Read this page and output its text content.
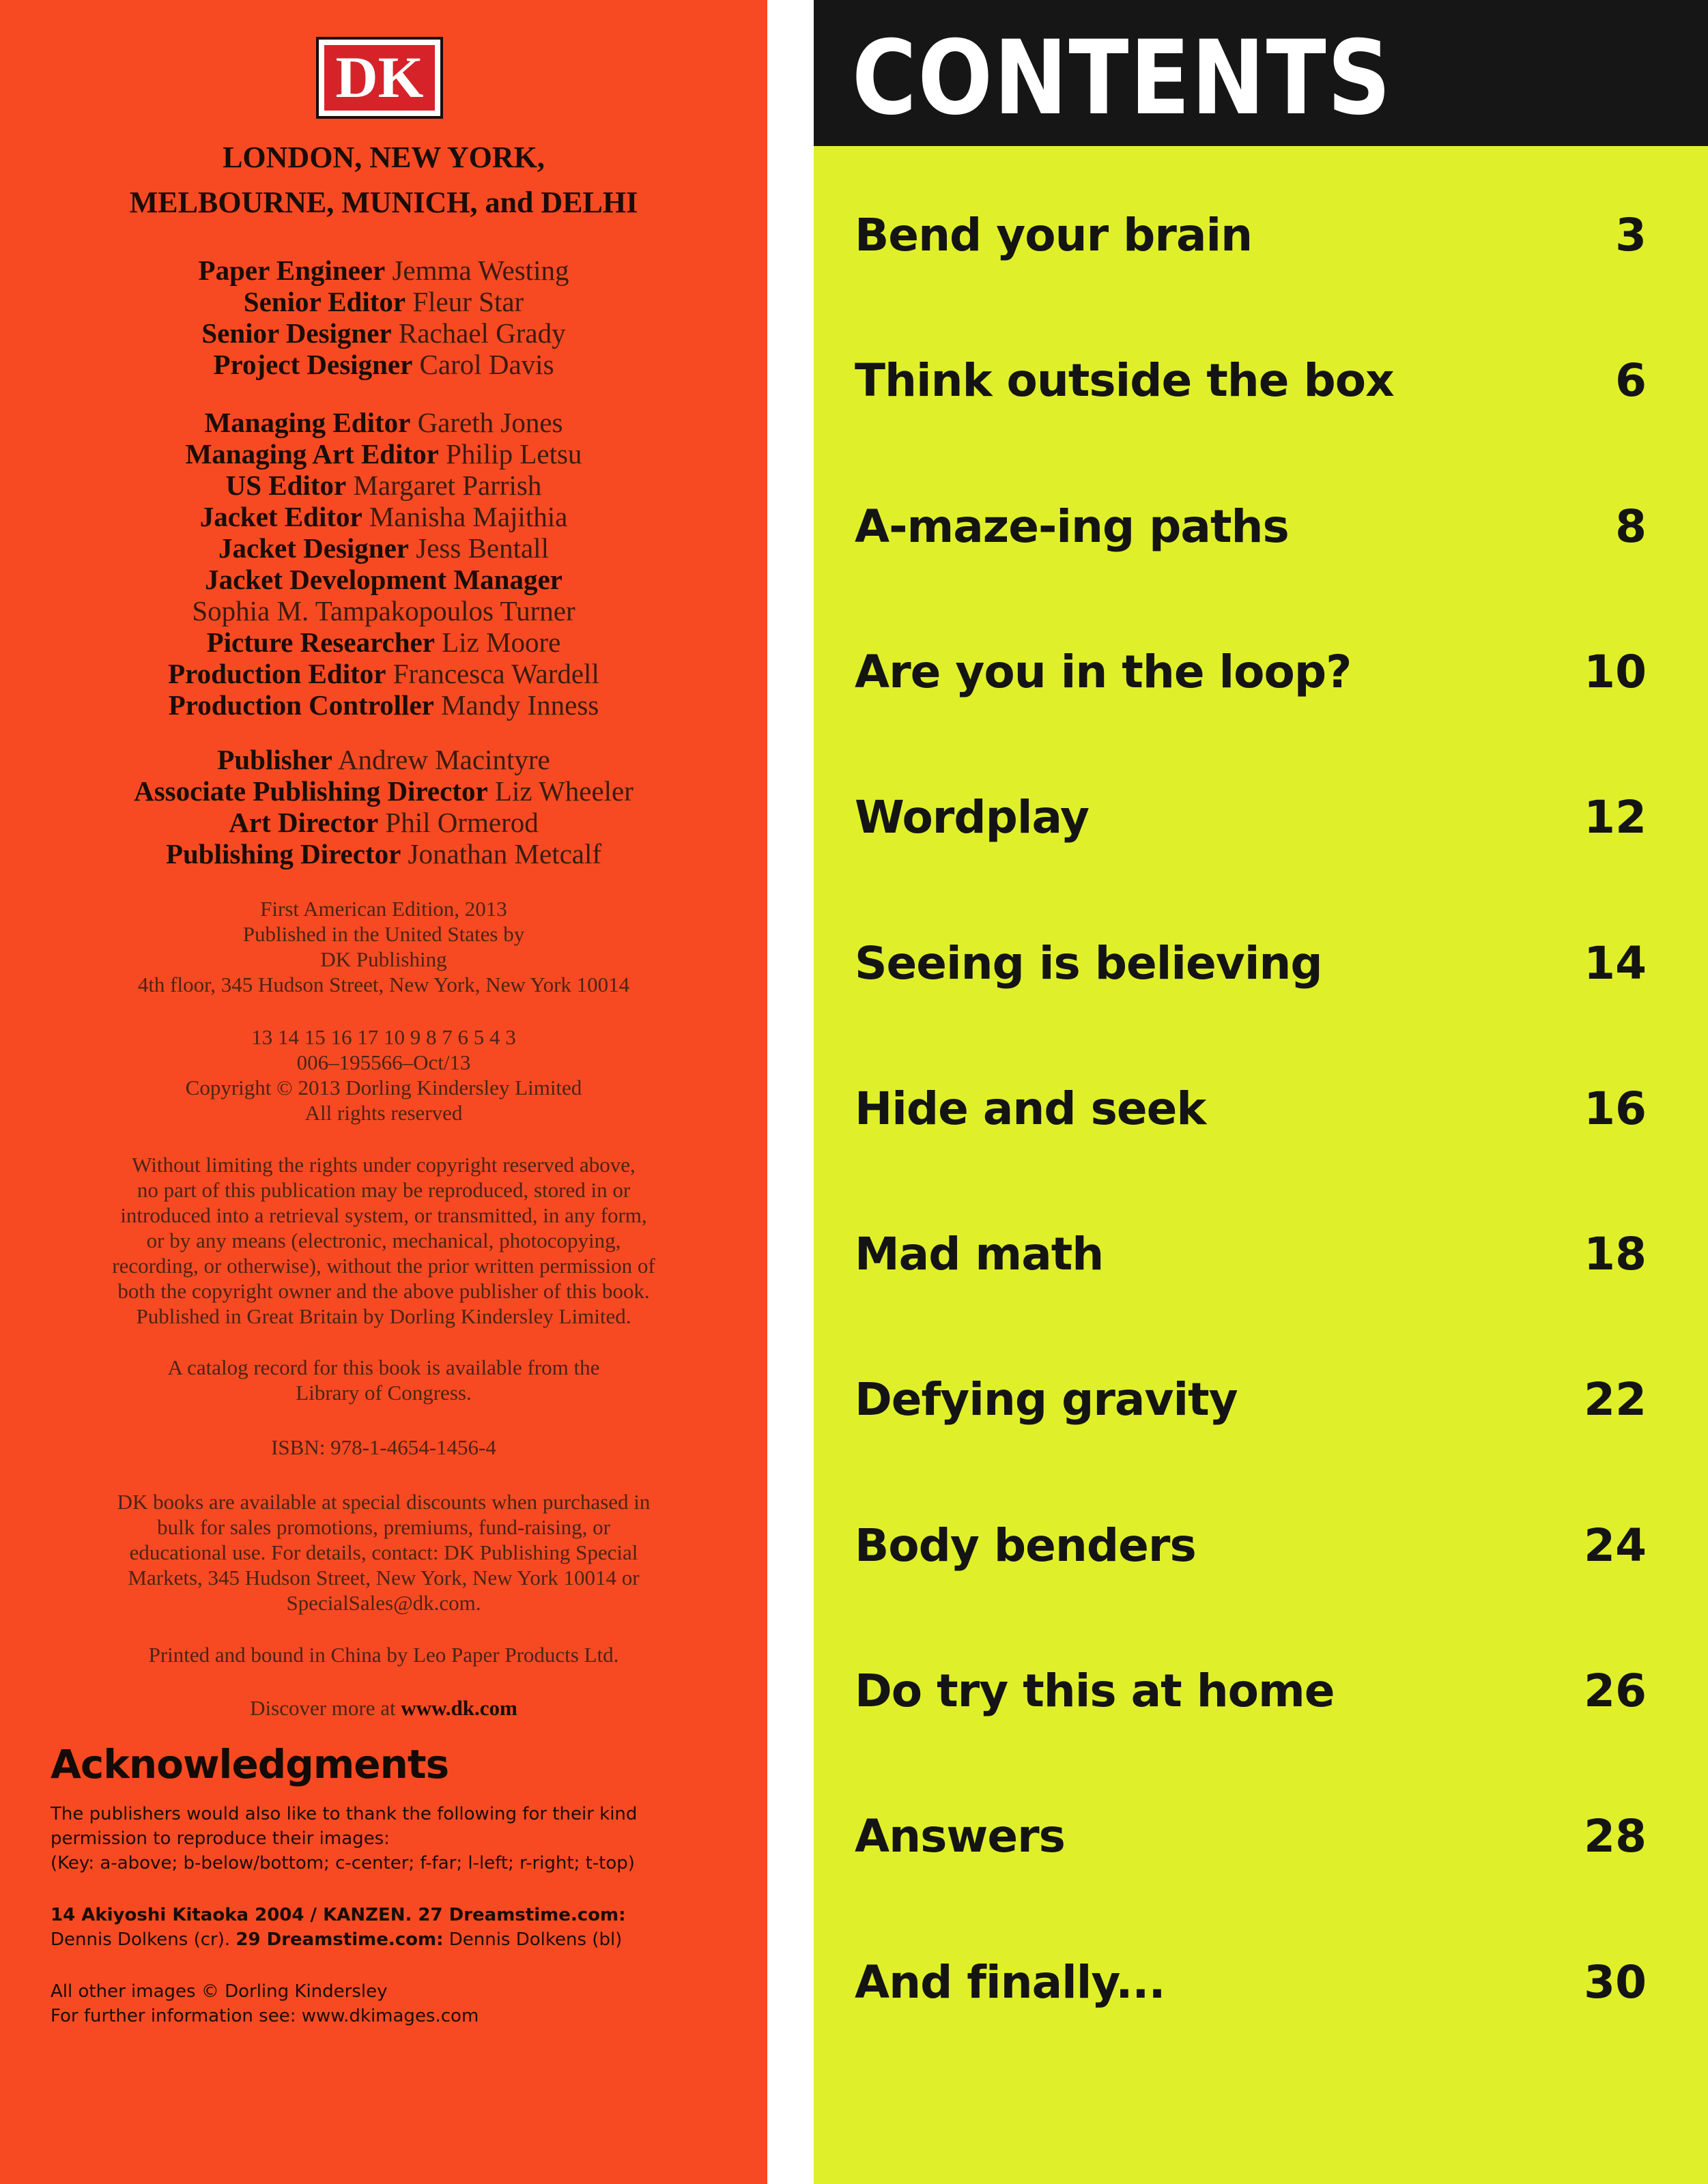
DK
LONDON, NEW YORK,
MELBOURNE, MUNICH, and DELHI
Paper Engineer Jemma Westing
Senior Editor Fleur Star
Senior Designer Rachael Grady
Project Designer Carol Davis
Managing Editor Gareth Jones
Managing Art Editor Philip Letsu
US Editor Margaret Parrish
Jacket Editor Manisha Majithia
Jacket Designer Jess Bentall
Jacket Development Manager
Sophia M. Tampakopoulos Turner
Picture Researcher Liz Moore
Production Editor Francesca Wardell
Production Controller Mandy Inness
Publisher Andrew Macintyre
Associate Publishing Director Liz Wheeler
Art Director Phil Ormerod
Publishing Director Jonathan Metcalf
First American Edition, 2013
Published in the United States by
DK Publishing
4th floor, 345 Hudson Street, New York, New York 10014
13 14 15 16 17 10 9 8 7 6 5 4 3
006–195566–Oct/13
Copyright © 2013 Dorling Kindersley Limited
All rights reserved
Without limiting the rights under copyright reserved above,
no part of this publication may be reproduced, stored in or
introduced into a retrieval system, or transmitted, in any form,
or by any means (electronic, mechanical, photocopying,
recording, or otherwise), without the prior written permission of
both the copyright owner and the above publisher of this book.
Published in Great Britain by Dorling Kindersley Limited.
A catalog record for this book is available from the
Library of Congress.
ISBN: 978-1-4654-1456-4
DK books are available at special discounts when purchased in
bulk for sales promotions, premiums, fund-raising, or
educational use. For details, contact: DK Publishing Special
Markets, 345 Hudson Street, New York, New York 10014 or
SpecialSales@dk.com.
Printed and bound in China by Leo Paper Products Ltd.
Discover more at www.dk.com
Acknowledgments
The publishers would also like to thank the following for their kind
permission to reproduce their images:
(Key: a-above; b-below/bottom; c-center; f-far; l-left; r-right; t-top)
14 Akiyoshi Kitaoka 2004 / KANZEN. 27 Dreamstime.com:
Dennis Dolkens (cr). 29 Dreamstime.com: Dennis Dolkens (bl)
All other images © Dorling Kindersley
For further information see: www.dkimages.com
CONTENTS
Bend your brain	3
Think outside the box	6
A-maze-ing paths	8
Are you in the loop?	10
Wordplay	12
Seeing is believing	14
Hide and seek	16
Mad math	18
Defying gravity	22
Body benders	24
Do try this at home	26
Answers	28
And finally...	30
